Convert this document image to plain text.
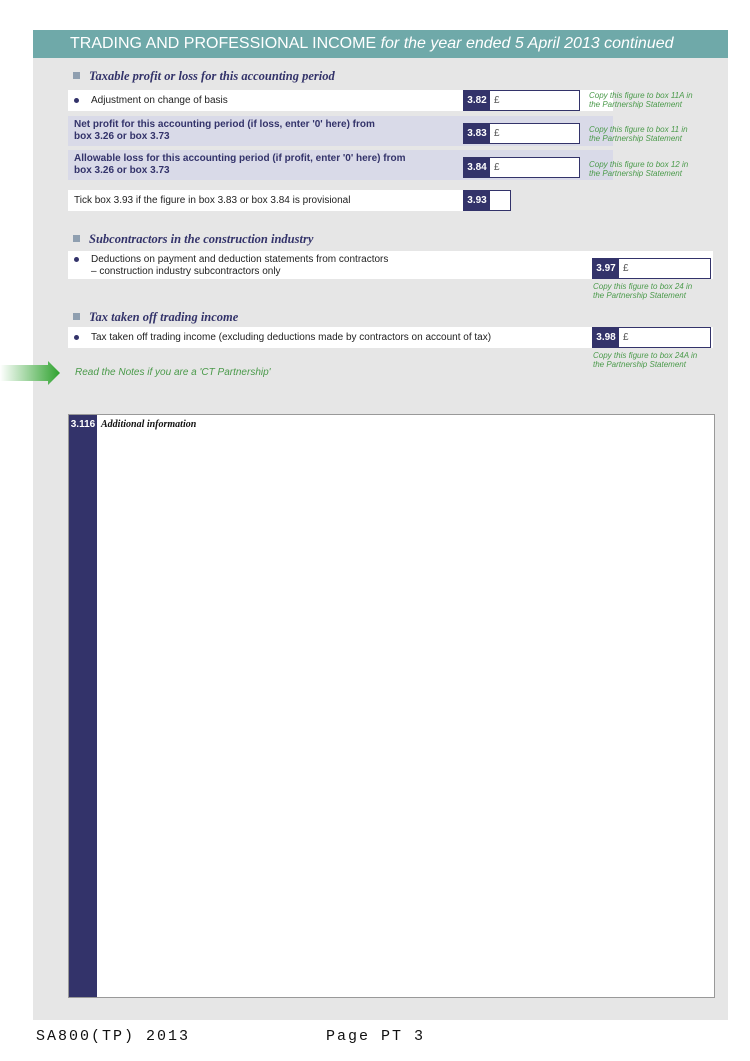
TRADING AND PROFESSIONAL INCOME for the year ended 5 April 2013 continued
Taxable profit or loss for this accounting period
Adjustment on change of basis	3.82 £	Copy this figure to box 11A in
the Partnership Statement
Net profit for this accounting period (if loss, enter '0' here) from
box 3.26 or box 3.73	3.83 £	Copy this figure to box 11 in
the Partnership Statement
Allowable loss for this accounting period (if profit, enter '0' here) from
box 3.26 or box 3.73	3.84 £	Copy this figure to box 12 in
the Partnership Statement
Tick box 3.93 if the figure in box 3.83 or box 3.84 is provisional	3.93
Subcontractors in the construction industry
Deductions on payment and deduction statements from contractors
– construction industry subcontractors only	3.97 £
Copy this figure to box 24 in
the Partnership Statement
Tax taken off trading income
Tax taken off trading income (excluding deductions made by contractors on account of tax)	3.98 £
Copy this figure to box 24A in
the Partnership Statement
Read the Notes if you are a 'CT Partnership'
3.116 Additional information
SA800(TP) 2013	Page PT 3
